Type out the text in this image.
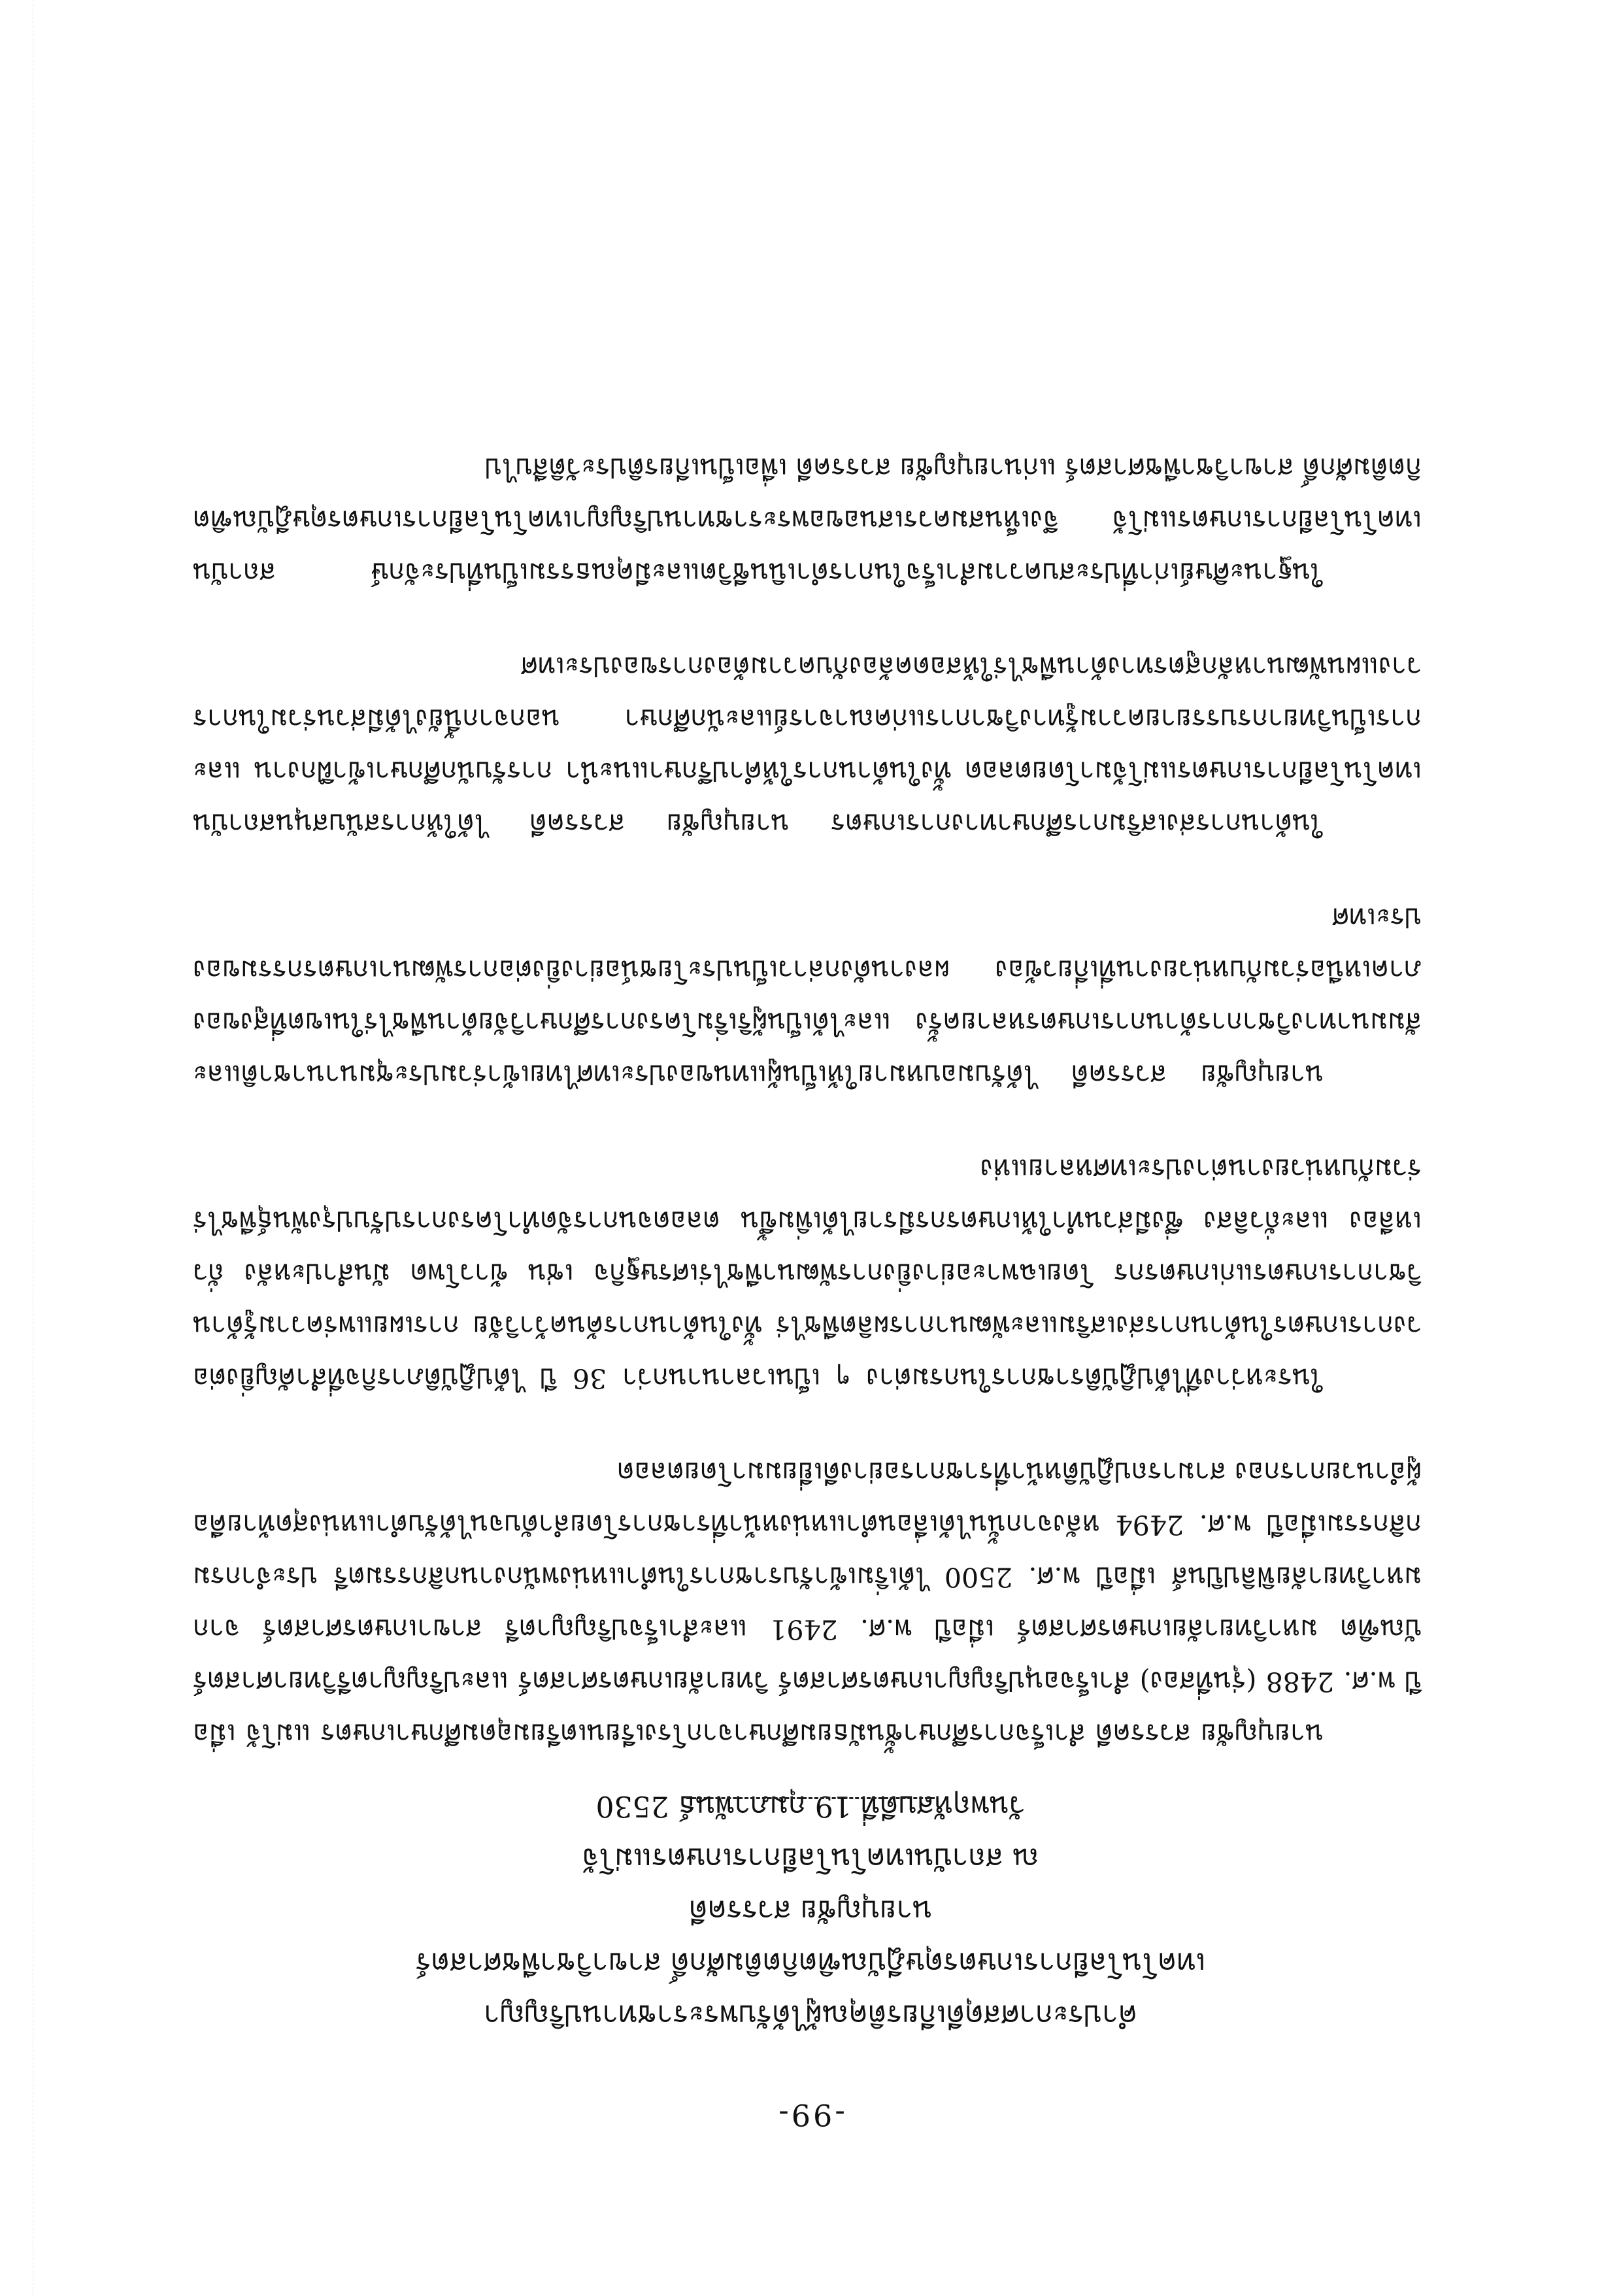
-99-
คำประกาศสดุดีเกียรติคุณผู้ได้รับพระราชทานปริญญา
เทคโนโลยีการเกษตรดุษฎีบัณฑิตกิตติมศักดิ์ สาขาวิชาพืชศาสตร์
นายบุญชัย สวรรคดี
ณ สถาบันเทคโนโลยีการเกษตรแม่โจ้
วันพฤหัสบดีที่ 19 กุมภาพันธ์ 2530

นายบุญชัย สวรรคดี สำเร็จการศึกษาชั้นมัธยมศึกษาจากโรงเรียนเตรียมอุดมศึกษาเกษตร แม่โจ้ เมื่อปี พ.ศ. 2488 (รุ่นที่สอง) สำเร็จอนุปริญญาเกษตรศาสตร์ วิทยาลัยเกษตรศาสตร์ และปริญญาตรีวิทยาศาสตร์บัณฑิต มหาวิทยาลัยเกษตรศาสตร์ เมื่อปี พ.ศ. 2491 และสำเร็จปริญญาตรี สาขาเกษตรศาสตร์ จากมหาวิทยาลัยฟิลิปปินส์ เมื่อปี พ.ศ. 2500 ได้เริ่มเข้ารับราชการในตำแหน่งพนักงานกสิกรรมตรี ประจำกรมกสิกรรมเมื่อปี พ.ศ. 2494 หลังจากนั้นได้เลื่อนตำแหน่งหน้าที่ราชการโดยลำดับจนได้รับตำแหน่งสุดท้ายคือ ผู้อำนวยการกอง สามารถปฏิบัติหน้าที่ราชการอย่างดีเยี่ยมมาโดยตลอด

ในระหว่างที่ได้ปฏิบัติราชการในกรมต่าง ๆ เป็นเวลานานกว่า 36 ปี ได้ปฏิบัติภารกิจที่สำคัญยิ่งต่อวงการเกษตรในด้านการส่งเสริมและพัฒนาการผลิตพืชไร่ ทั้งในด้านการค้นคว้าวิจัย การเผยแพร่ความรู้ด้านวิชาการเกษตรแก่เกษตรกร โดยเฉพาะอย่างยิ่งการพัฒนาพืชไร่เศรษฐกิจ เช่น ข้าวโพด มันสำปะหลัง ถั่วเหลือง และถั่วลิสง ซึ่งมีส่วนทำให้เกษตรกรมีรายได้เพิ่มขึ้น ตลอดจนการจัดทำโครงการปรับปรุงพันธุ์พืชไร่ร่วมกับหน่วยงานต่างประเทศหลายแห่ง

นายบุญชัย สวรรคดี ได้รับมอบหมายให้เป็นผู้แทนของประเทศไทยเข้าร่วมประชุมนานาชาติและสัมมนาทางวิชาการด้านการเกษตรหลายครั้ง และได้เป็นผู้ริเริ่มโครงการศึกษาวิจัยด้านพืชไร่ในเขตที่สูงของภาคเหนือร่วมกับหน่วยงานที่เกี่ยวข้อง ผลงานดังกล่าวเป็นประโยชน์อย่างยิ่งต่อการพัฒนาเกษตรกรรมของประเทศ

ในด้านการส่งเสริมการศึกษาทางการเกษตร นายบุญชัย สวรรคดี ได้ให้การสนับสนุนสถาบันเทคโนโลยีการเกษตรแม่โจ้มาโดยตลอด ทั้งในด้านการให้คำปรึกษาแนะนำ การรับนักศึกษาเข้าฝึกงาน และการเป็นวิทยากรบรรยายความรู้ทางวิชาการแก่คณาจารย์และนักศึกษา นอกจากนี้ยังได้มีส่วนร่วมในการวางแผนพัฒนาหลักสูตรทางด้านพืชไร่ให้สอดคล้องกับความต้องการของประเทศ

ในฐานะศิษย์เก่าที่ประสบความสำเร็จในการดำเนินชีวิตและมีคุณธรรมเป็นที่ประจักษ์ สถาบันเทคโนโลยีการเกษตรแม่โจ้ จึงเห็นสมควรเสนอขอพระราชทานปริญญาเทคโนโลยีการเกษตรดุษฎีบัณฑิตกิตติมศักดิ์ สาขาวิชาพืชศาสตร์ แก่นายบุญชัย สวรรคดี เพื่อเป็นเกียรติประวัติสืบไป
